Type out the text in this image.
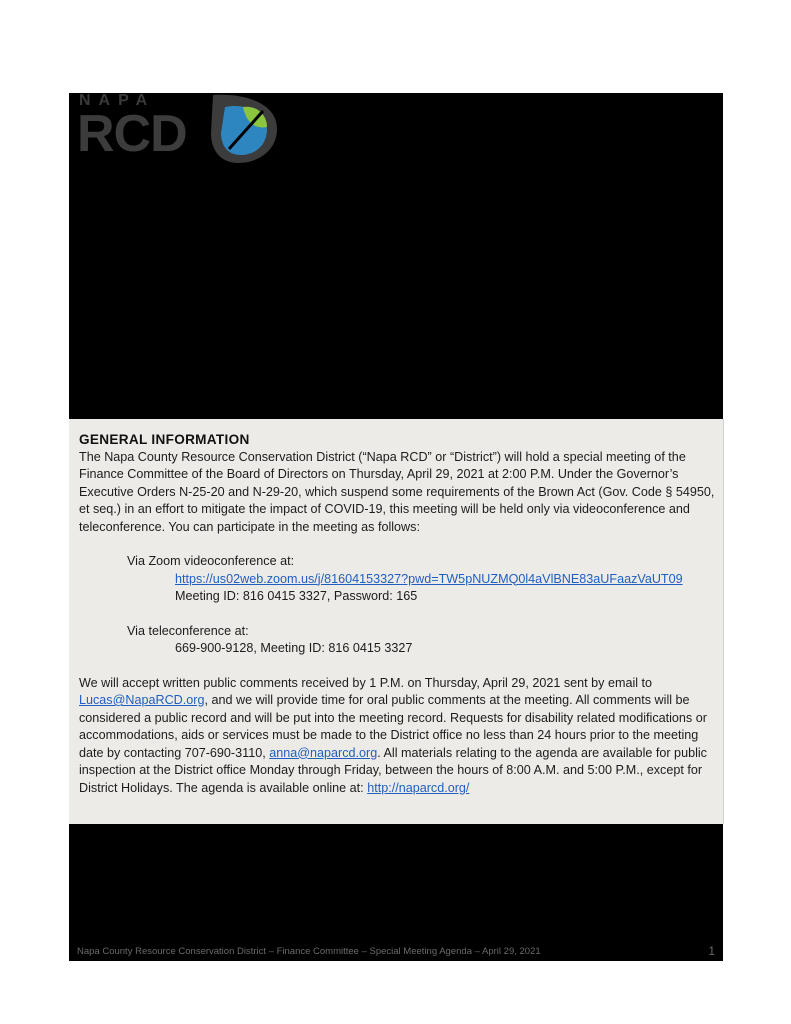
NAPA
RCD

GENERAL INFORMATION

The Napa County Resource Conservation District (“Napa RCD” or “District”) will hold a special meeting of the Finance Committee of the Board of Directors on Thursday, April 29, 2021 at 2:00 P.M. Under the Governor’s Executive Orders N-25-20 and N-29-20, which suspend some requirements of the Brown Act (Gov. Code § 54950, et seq.) in an effort to mitigate the impact of COVID-19, this meeting will be held only via videoconference and teleconference. You can participate in the meeting as follows:

Via Zoom videoconference at:

https://us02web.zoom.us/j/81604153327?pwd=TW5pNUZMQ0l4aVlBNE83aUFaazVaUT09

Meeting ID: 816 0415 3327, Password: 165

Via teleconference at:

669-900-9128, Meeting ID: 816 0415 3327

We will accept written public comments received by 1 P.M. on Thursday, April 29, 2021 sent by email to Lucas@NapaRCD.org, and we will provide time for oral public comments at the meeting. All comments will be considered a public record and will be put into the meeting record. Requests for disability related modifications or accommodations, aids or services must be made to the District office no less than 24 hours prior to the meeting date by contacting 707-690-3110, anna@naparcd.org. All materials relating to the agenda are available for public inspection at the District office Monday through Friday, between the hours of 8:00 A.M. and 5:00 P.M., except for District Holidays. The agenda is available online at: http://naparcd.org/

Napa County Resource Conservation District – Finance Committee – Special Meeting Agenda – April 29, 2021	1
